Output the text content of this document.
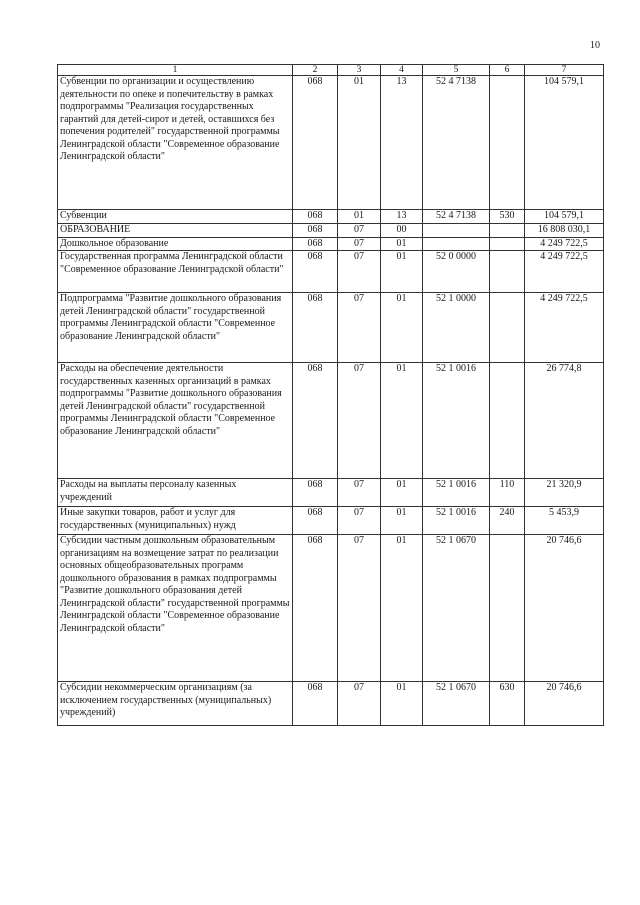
10
1	2	3	4	5	6	7
Субвенции по организации и осуществлению деятельности по опеке и попечительству в рамках подпрограммы "Реализация государственных гарантий для детей-сирот и детей, оставшихся без попечения родителей" государственной программы Ленинградской области "Современное образование Ленинградской области"	068	01	13	52 4 7138		104 579,1
Субвенции	068	01	13	52 4 7138	530	104 579,1
ОБРАЗОВАНИЕ	068	07	00			16 808 030,1
Дошкольное образование	068	07	01			4 249 722,5
Государственная программа Ленинградской области "Современное образование Ленинградской области"	068	07	01	52 0 0000		4 249 722,5
Подпрограмма "Развитие дошкольного образования детей Ленинградской области" государственной программы Ленинградской области "Современное образование Ленинградской области"	068	07	01	52 1 0000		4 249 722,5
Расходы на обеспечение деятельности государственных казенных организаций в рамках подпрограммы "Развитие дошкольного образования детей Ленинградской области" государственной программы Ленинградской области "Современное образование Ленинградской области"	068	07	01	52 1 0016		26 774,8
Расходы на выплаты персоналу казенных учреждений	068	07	01	52 1 0016	110	21 320,9
Иные закупки товаров, работ и услуг для государственных (муниципальных) нужд	068	07	01	52 1 0016	240	5 453,9
Субсидии частным дошкольным образовательным организациям на возмещение затрат по реализации основных общеобразовательных программ дошкольного образования в рамках подпрограммы "Развитие дошкольного образования детей Ленинградской области" государственной программы Ленинградской области "Современное образование Ленинградской области"	068	07	01	52 1 0670		20 746,6
Субсидии некоммерческим организациям (за исключением государственных (муниципальных) учреждений)	068	07	01	52 1 0670	630	20 746,6
